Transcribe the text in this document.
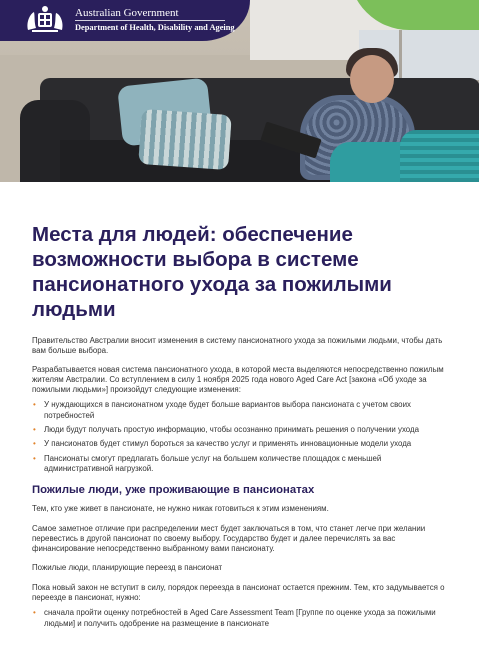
Australian Government
Department of Health, Disability and Ageing
Места для людей: обеспечение возможности выбора в системе пансионатного ухода за пожилыми людьми

Правительство Австралии вносит изменения в систему пансионатного ухода за пожилыми людьми, чтобы дать вам больше выбора.

Разрабатывается новая система пансионатного ухода, в которой места выделяются непосредственно пожилым жителям Австралии. Со вступлением в силу 1 ноября 2025 года нового Aged Care Act [закона «Об уходе за пожилыми людьми»] произойдут следующие изменения:

• У нуждающихся в пансионатном уходе будет больше вариантов выбора пансионата с учетом своих потребностей
• Люди будут получать простую информацию, чтобы осознанно принимать решения о получении ухода
• У пансионатов будет стимул бороться за качество услуг и применять инновационные модели ухода
• Пансионаты смогут предлагать больше услуг на большем количестве площадок с меньшей административной нагрузкой.
Пожилые люди, уже проживающие в пансионатах

Тем, кто уже живет в пансионате, не нужно никак готовиться к этим изменениям.

Самое заметное отличие при распределении мест будет заключаться в том, что станет легче при желании перевестись в другой пансионат по своему выбору. Государство будет и далее перечислять за вас финансирование непосредственно выбранному вами пансионату.

Пожилые люди, планирующие переезд в пансионат

Пока новый закон не вступит в силу, порядок переезда в пансионат остается прежним. Тем, кто задумывается о переезде в пансионат, нужно:

• сначала пройти оценку потребностей в Aged Care Assessment Team [Группе по оценке ухода за пожилыми людьми] и получить одобрение на размещение в пансионате
